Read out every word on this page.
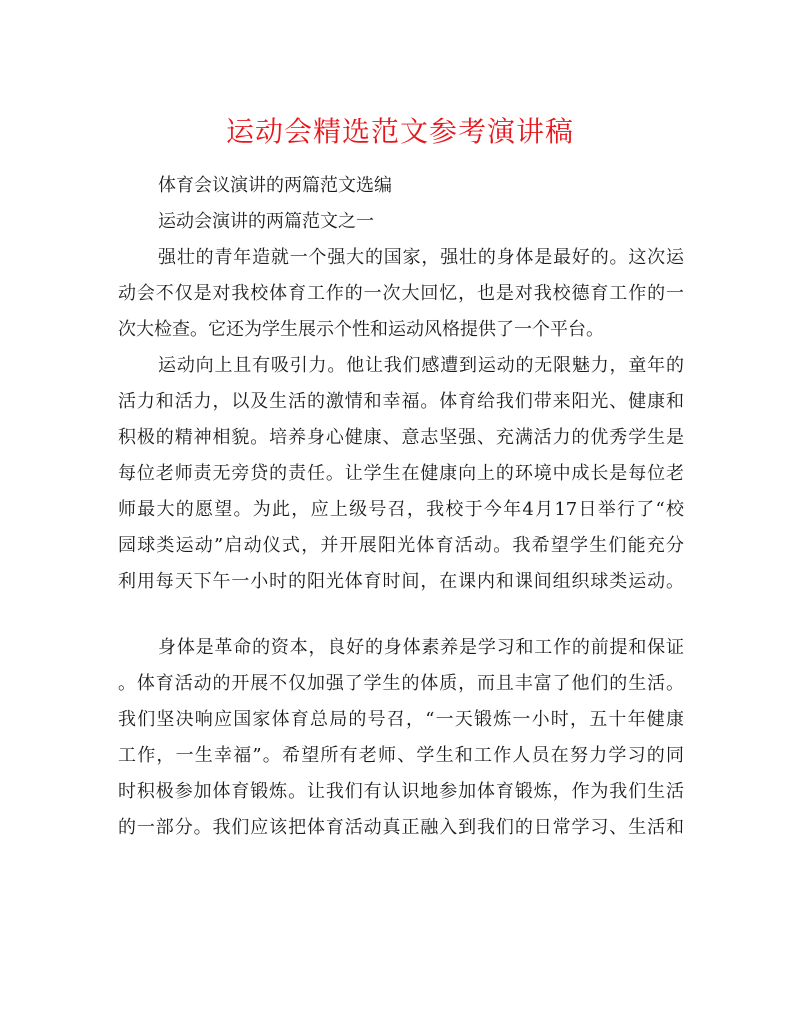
运动会精选范文参考演讲稿

体育会议演讲的两篇范文选编

运动会演讲的两篇范文之一

强壮的青年造就一个强大的国家，强壮的身体是最好的。这次运

动会不仅是对我校体育工作的一次大回忆，也是对我校德育工作的一

次大检查。它还为学生展示个性和运动风格提供了一个平台。

运动向上且有吸引力。他让我们感遭到运动的无限魅力，童年的

活力和活力，以及生活的激情和幸福。体育给我们带来阳光、健康和

积极的精神相貌。培养身心健康、意志坚强、充满活力的优秀学生是

每位老师责无旁贷的责任。让学生在健康向上的环境中成长是每位老

师最大的愿望。为此，应上级号召，我校于今年4月17日举行了“校

园球类运动”启动仪式，并开展阳光体育活动。我希望学生们能充分

利用每天下午一小时的阳光体育时间，在课内和课间组织球类运动。

身体是革命的资本，良好的身体素养是学习和工作的前提和保证

。体育活动的开展不仅加强了学生的体质，而且丰富了他们的生活。

我们坚决响应国家体育总局的号召，“一天锻炼一小时，五十年健康

工作，一生幸福”。希望所有老师、学生和工作人员在努力学习的同

时积极参加体育锻炼。让我们有认识地参加体育锻炼，作为我们生活

的一部分。我们应该把体育活动真正融入到我们的日常学习、生活和
